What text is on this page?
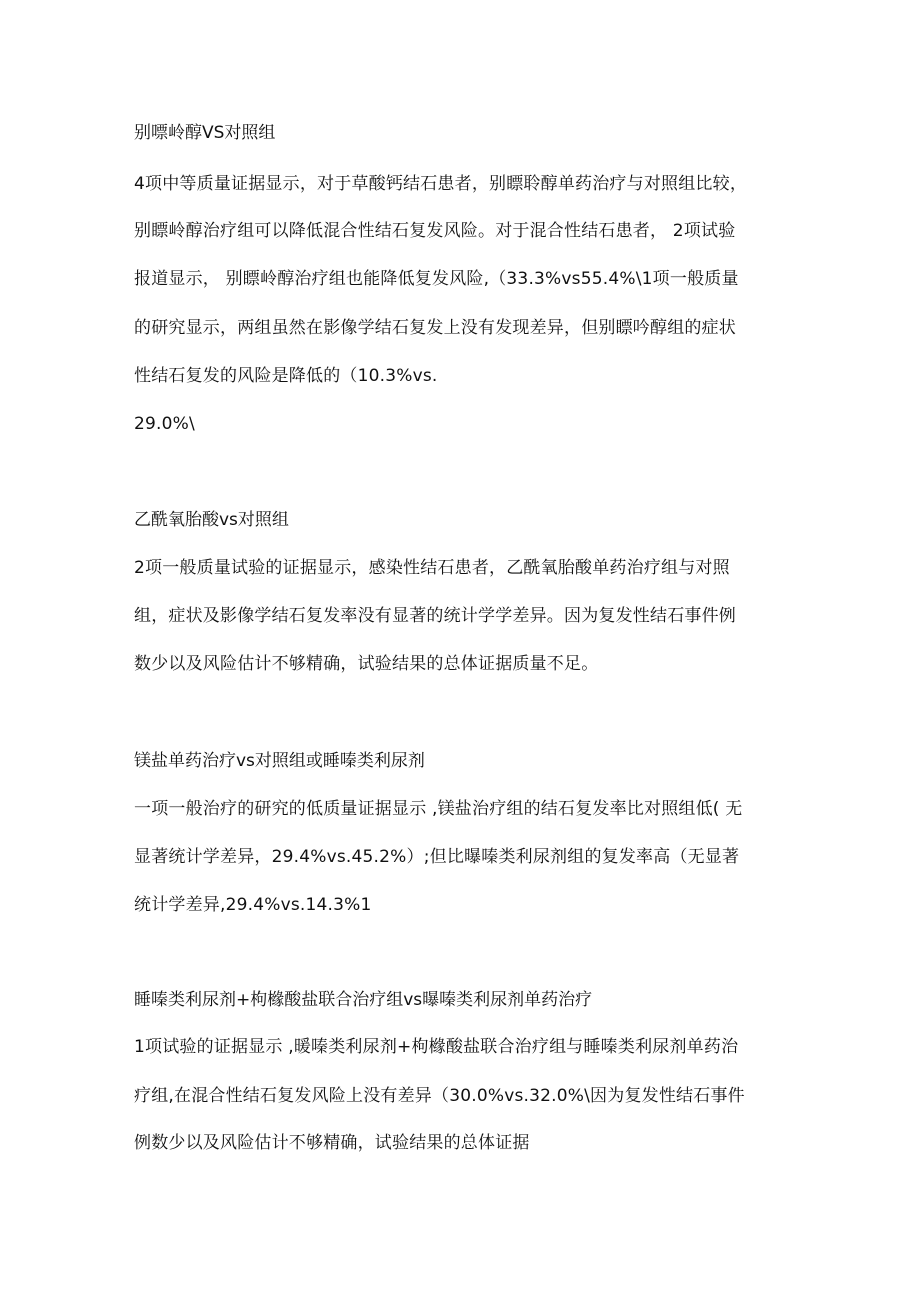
别嘌岭醇VS对照组
4项中等质量证据显示，对于草酸钙结石患者，别瞟聆醇单药治疗与对照组比较，
别瞟岭醇治疗组可以降低混合性结石复发风险。对于混合性结石患者， 2项试验
报道显示， 别瞟岭醇治疗组也能降低复发风险,（33.3%vs55.4%\1项一般质量
的研究显示，两组虽然在影像学结石复发上没有发现差异，但别瞟吟醇组的症状
性结石复发的风险是降低的（10.3%vs.
29.0%\
乙酰氧胎酸vs对照组
2项一般质量试验的证据显示，感染性结石患者，乙酰氧胎酸单药治疗组与对照
组，症状及影像学结石复发率没有显著的统计学学差异。因为复发性结石事件例
数少以及风险估计不够精确，试验结果的总体证据质量不足。
镁盐单药治疗vs对照组或睡嗪类利尿剂
一项一般治疗的研究的低质量证据显示 ,镁盐治疗组的结石复发率比对照组低( 无
显著统计学差异，29.4%vs.45.2%）;但比曝嗪类利尿剂组的复发率高（无显著
统计学差异,29.4%vs.14.3%1
睡嗪类利尿剂+枸橼酸盐联合治疗组vs曝嗪类利尿剂单药治疗
1项试验的证据显示 ,暖嗪类利尿剂+枸橼酸盐联合治疗组与睡嗪类利尿剂单药治
疗组,在混合性结石复发风险上没有差异（30.0%vs.32.0%\因为复发性结石事件
例数少以及风险估计不够精确，试验结果的总体证据
